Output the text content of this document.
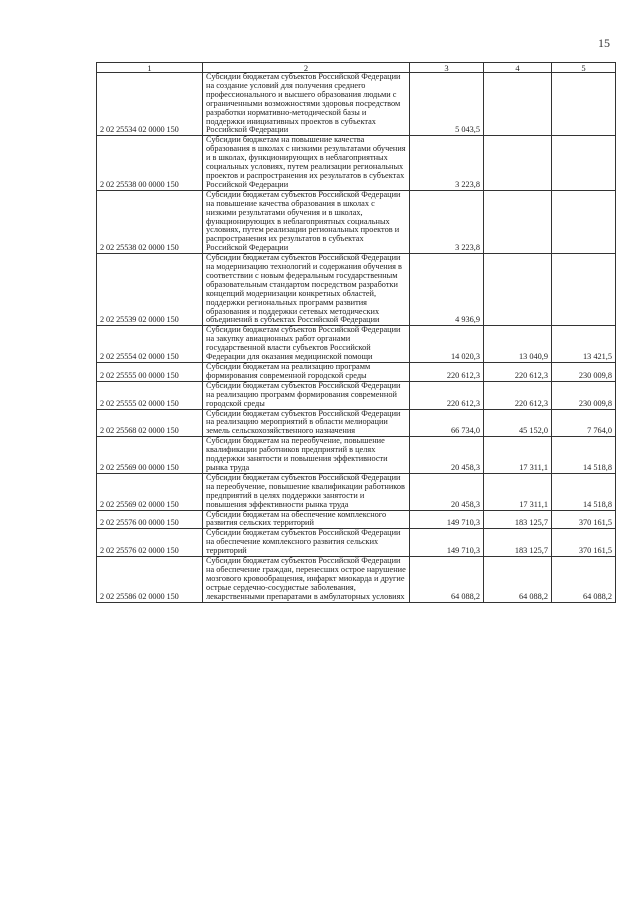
15
1	2	3	4	5
2 02 25534 02 0000 150	Субсидии бюджетам субъектов Российской Федерации на создание условий для получения среднего профессионального и высшего образования людьми с ограниченными возможностями здоровья посредством разработки нормативно-методической базы и поддержки инициативных проектов в субъектах Российской Федерации	5 043,5		
2 02 25538 00 0000 150	Субсидии бюджетам на повышение качества образования в школах с низкими результатами обучения и в школах, функционирующих в неблагоприятных социальных условиях, путем реализации региональных проектов и распространения их результатов в субъектах Российской Федерации	3 223,8		
2 02 25538 02 0000 150	Субсидии бюджетам субъектов Российской Федерации на повышение качества образования в школах с низкими результатами обучения и в школах, функционирующих в неблагоприятных социальных условиях, путем реализации региональных проектов и распространения их результатов в субъектах Российской Федерации	3 223,8		
2 02 25539 02 0000 150	Субсидии бюджетам субъектов Российской Федерации на модернизацию технологий и содержания обучения в соответствии с новым федеральным государственным образовательным стандартом посредством разработки концепций модернизации конкретных областей, поддержки региональных программ развития образования и поддержки сетевых методических объединений в субъектах Российской Федерации	4 936,9		
2 02 25554 02 0000 150	Субсидии бюджетам субъектов Российской Федерации на закупку авиационных работ органами государственной власти субъектов Российской Федерации для оказания медицинской помощи	14 020,3	13 040,9	13 421,5
2 02 25555 00 0000 150	Субсидии бюджетам на реализацию программ формирования современной городской среды	220 612,3	220 612,3	230 009,8
2 02 25555 02 0000 150	Субсидии бюджетам субъектов Российской Федерации на реализацию программ формирования современной городской среды	220 612,3	220 612,3	230 009,8
2 02 25568 02 0000 150	Субсидии бюджетам субъектов Российской Федерации на реализацию мероприятий в области мелиорации земель сельскохозяйственного назначения	66 734,0	45 152,0	7 764,0
2 02 25569 00 0000 150	Субсидии бюджетам на переобучение, повышение квалификации работников предприятий в целях поддержки занятости и повышения эффективности рынка труда	20 458,3	17 311,1	14 518,8
2 02 25569 02 0000 150	Субсидии бюджетам субъектов Российской Федерации на переобучение, повышение квалификации работников предприятий в целях поддержки занятости и повышения эффективности рынка труда	20 458,3	17 311,1	14 518,8
2 02 25576 00 0000 150	Субсидии бюджетам на обеспечение комплексного развития сельских территорий	149 710,3	183 125,7	370 161,5
2 02 25576 02 0000 150	Субсидии бюджетам субъектов Российской Федерации на обеспечение комплексного развития сельских территорий	149 710,3	183 125,7	370 161,5
2 02 25586 02 0000 150	Субсидии бюджетам субъектов Российской Федерации на обеспечение граждан, перенесших острое нарушение мозгового кровообращения, инфаркт миокарда и другие острые сердечно-сосудистые заболевания, лекарственными препаратами в амбулаторных условиях	64 088,2	64 088,2	64 088,2
